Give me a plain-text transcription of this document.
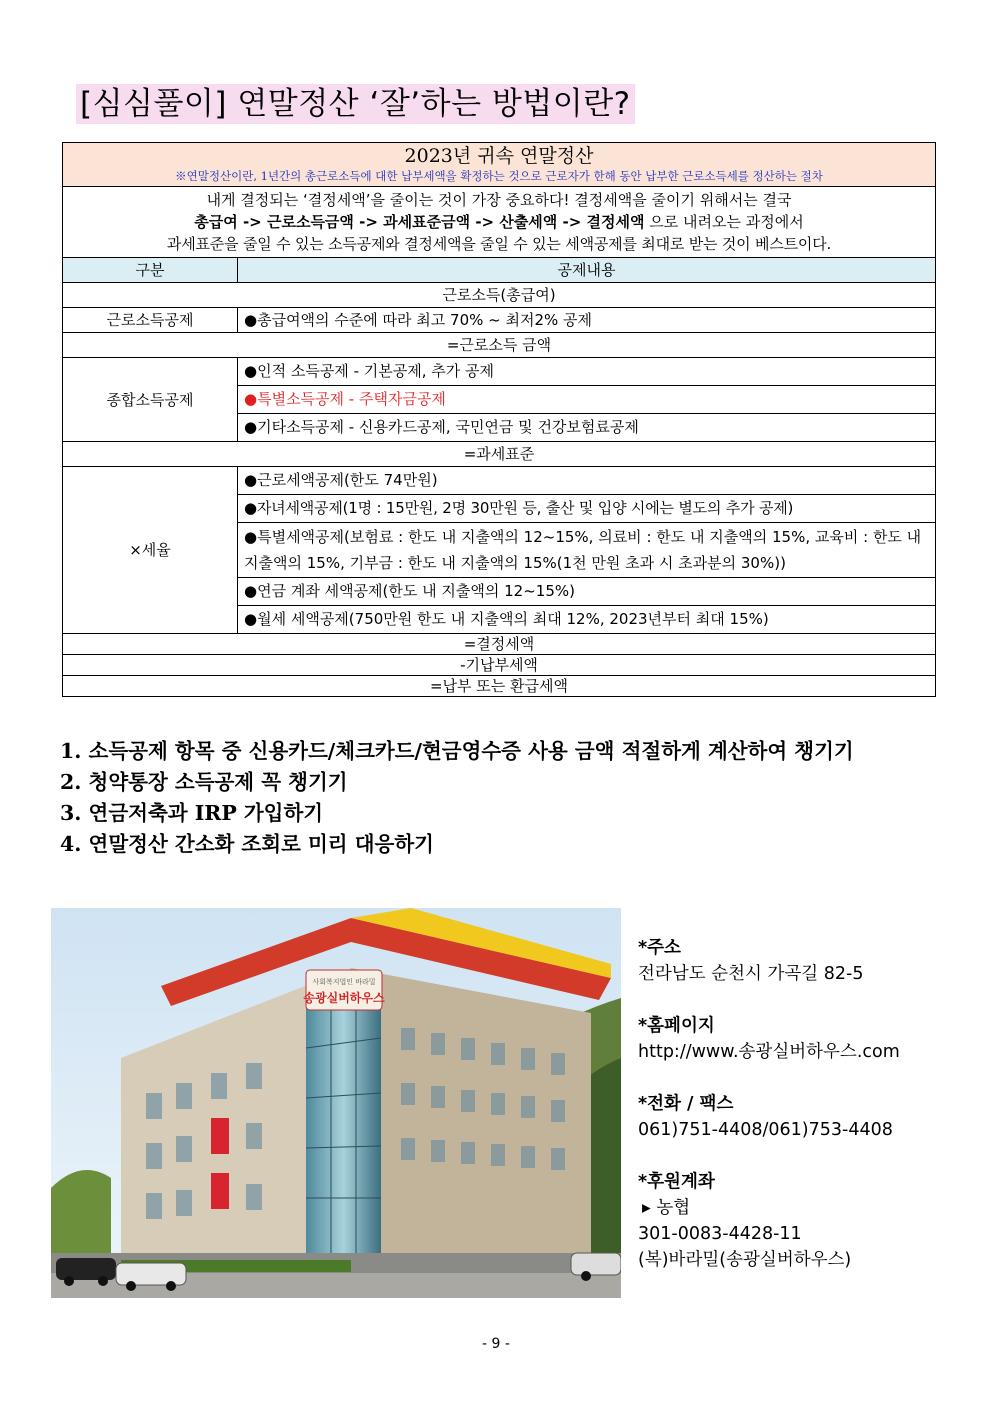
[심심풀이] 연말정산 ‘잘’하는 방법이란?
2023년 귀속 연말정산
※연말정산이란, 1년간의 총근로소득에 대한 납부세액을 확정하는 것으로 근로자가 한해 동안 납부한 근로소득세를 정산하는 절차	

내게 결정되는 ‘결정세액’을 줄이는 것이 가장 중요하다! 결정세액을 줄이기 위해서는 결국
총급여 -> 근로소득금액 -> 과세표준금액 -> 산출세액 -> 결정세액 으로 내려오는 과정에서
과세표준을 줄일 수 있는 소득공제와 결정세액을 줄일 수 있는 세액공제를 최대로 받는 것이 베스트이다.	

구분	공제내용
근로소득(총급여)	
근로소득공제	●총급여액의 수준에 따라 최고 70% ~ 최저2% 공제
=근로소득 금액	
종합소득공제	●인적 소득공제 - 기본공제, 추가 공제
	●특별소득공제 - 주택자금공제
	●기타소득공제 - 신용카드공제, 국민연금 및 건강보험료공제
=과세표준	
×세율	●근로세액공제(한도 74만원)
	●자녀세액공제(1명 : 15만원, 2명 30만원 등, 출산 및 입양 시에는 별도의 추가 공제)
	●특별세액공제(보험료 : 한도 내 지출액의 12~15%, 의료비 : 한도 내 지출액의 15%, 교육비 : 한도 내 지출액의 15%, 기부금 : 한도 내 지출액의 15%(1천 만원 초과 시 초과분의 30%))
	●연금 계좌 세액공제(한도 내 지출액의 12~15%)
	●월세 세액공제(750만원 한도 내 지출액의 최대 12%, 2023년부터 최대 15%)
=결정세액	
-기납부세액	
=납부 또는 환급세액	
1. 소득공제 항목 중 신용카드/체크카드/현금영수증 사용 금액 적절하게 계산하여 챙기기
2. 청약통장 소득공제 꼭 챙기기
3. 연금저축과 IRP 가입하기
4. 연말정산 간소화 조회로 미리 대응하기
사회복지법인 바라밀
송광실버하우스
*주소
전라남도 순천시 가곡길 82-5
*홈페이지
http://www.송광실버하우스.com
*전화 / 팩스
061)751-4408/061)753-4408
*후원계좌
▸ 농협
301-0083-4428-11
(복)바라밀(송광실버하우스)
- 9 -
